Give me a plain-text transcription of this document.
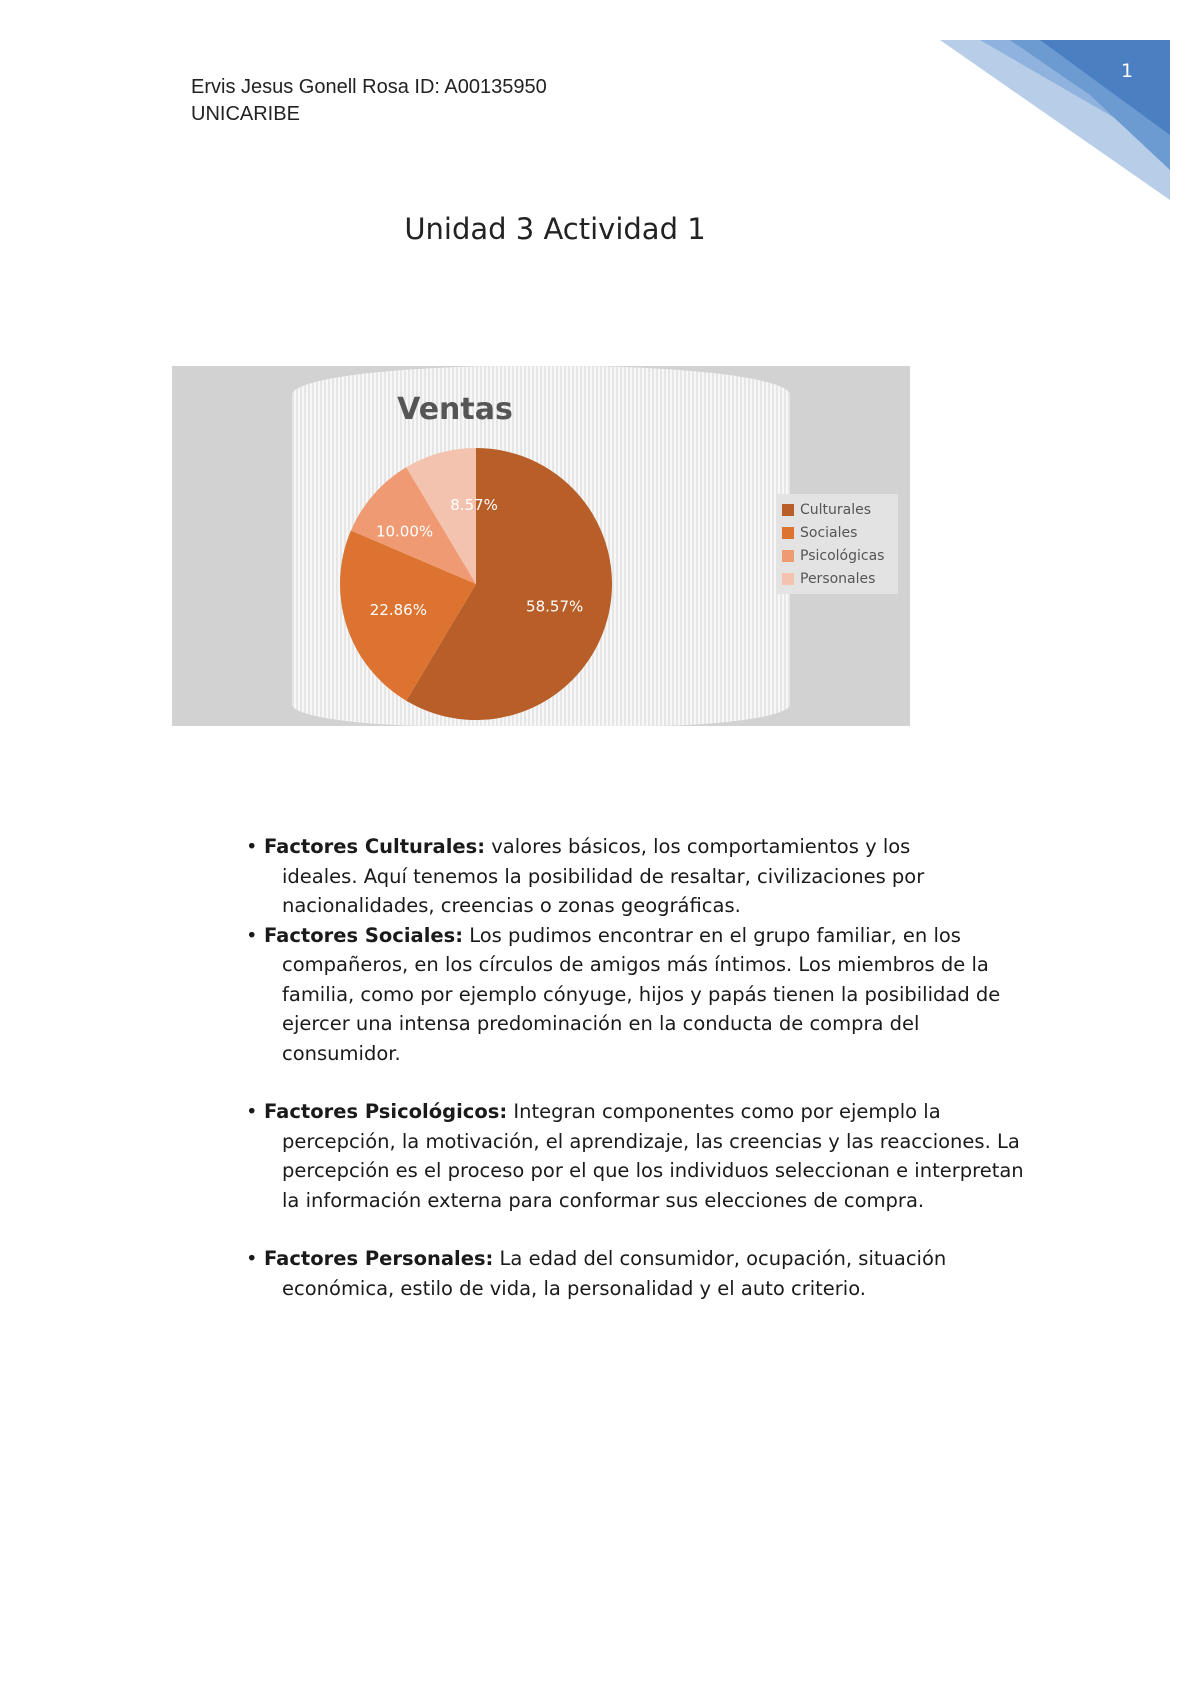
1
Ervis Jesus Gonell Rosa ID: A00135950
UNICARIBE
Unidad 3 Actividad 1
Ventas
58.57%
22.86%
10.00%
8.57%	Culturales
Sociales
Psicológicas
Personales
• Factores Culturales: valores básicos, los comportamientos y los
ideales. Aquí tenemos la posibilidad de resaltar, civilizaciones por
nacionalidades, creencias o zonas geográficas.
• Factores Sociales: Los pudimos encontrar en el grupo familiar, en los
compañeros, en los círculos de amigos más íntimos. Los miembros de la
familia, como por ejemplo cónyuge, hijos y papás tienen la posibilidad de
ejercer una intensa predominación en la conducta de compra del
consumidor.
• Factores Psicológicos: Integran componentes como por ejemplo la
percepción, la motivación, el aprendizaje, las creencias y las reacciones. La
percepción es el proceso por el que los individuos seleccionan e interpretan
la información externa para conformar sus elecciones de compra.
• Factores Personales: La edad del consumidor, ocupación, situación
económica, estilo de vida, la personalidad y el auto criterio.
